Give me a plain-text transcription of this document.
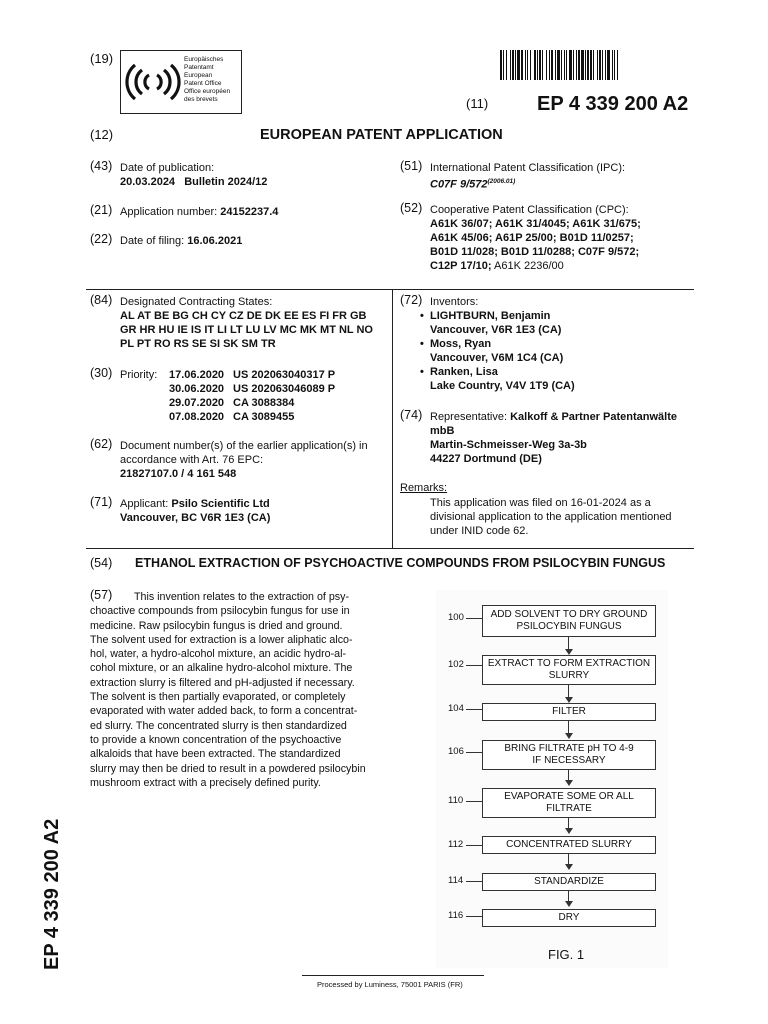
(19)	Europäisches
Patentamt
European
Patent Office
Office européen
des brevets	(11) EP 4 339 200 A2
(12)	EUROPEAN PATENT APPLICATION
(43) Date of publication:
20.03.2024   Bulletin 2024/12
(21) Application number: 24152237.4
(22) Date of filing: 16.06.2021
(51) International Patent Classification (IPC):
C07F $9/572^{(2006.01)}$
(52) Cooperative Patent Classification (CPC):
A61K 36/07; A61K 31/4045; A61K 31/675;
A61K 45/06; A61P 25/00; B01D 11/0257;
B01D 11/028; B01D 11/0288; C07F 9/572;
C12P 17/10; A61K 2236/00
(84) Designated Contracting States:
AL AT BE BG CH CY CZ DE DK EE ES FI FR GB
GR HR HU IE IS IT LI LT LU LV MC MK MT NL NO
PL PT RO RS SE SI SK SM TR
(30) Priority: 17.06.2020 US 202063040317 P
30.06.2020 US 202063046089 P
29.07.2020 CA 3088384
07.08.2020 CA 3089455
(62) Document number(s) of the earlier application(s) in
accordance with Art. 76 EPC:
21827107.0 / 4 161 548
(71) Applicant: Psilo Scientific Ltd
Vancouver, BC V6R 1E3 (CA)
(72) Inventors:
• LIGHTBURN, Benjamin
Vancouver, V6R 1E3 (CA)
• Moss, Ryan
Vancouver, V6M 1C4 (CA)
• Ranken, Lisa
Lake Country, V4V 1T9 (CA)
(74) Representative: Kalkoff & Partner Patentanwälte
mbB
Martin-Schmeisser-Weg 3a-3b
44227 Dortmund (DE)
Remarks:
This application was filed on 16-01-2024 as a
divisional application to the application mentioned
under INID code 62.
(54) ETHANOL EXTRACTION OF PSYCHOACTIVE COMPOUNDS FROM PSILOCYBIN FUNGUS
(57)	This invention relates to the extraction of psy-
choactive compounds from psilocybin fungus for use in
medicine. Raw psilocybin fungus is dried and ground.
The solvent used for extraction is a lower aliphatic alco-
hol, water, a hydro-alcohol mixture, an acidic hydro-al-
cohol mixture, or an alkaline hydro-alcohol mixture. The
extraction slurry is filtered and pH-adjusted if necessary.
The solvent is then partially evaporated, or completely
evaporated with water added back, to form a concentrat-
ed slurry. The concentrated slurry is then standardized
to provide a known concentration of the psychoactive
alkaloids that have been extracted. The standardized
slurry may then be dried to result in a powdered psilocybin
mushroom extract with a precisely defined purity.
100	ADD SOLVENT TO DRY GROUND
PSILOCYBIN FUNGUS
102	EXTRACT TO FORM EXTRACTION
SLURRY
104	FILTER
106	BRING FILTRATE pH TO 4-9
IF NECESSARY
110	EVAPORATE SOME OR ALL
FILTRATE
112	CONCENTRATED SLURRY
114	STANDARDIZE
116	DRY
FIG. 1
EP 4 339 200 A2
Processed by Luminess, 75001 PARIS (FR)
